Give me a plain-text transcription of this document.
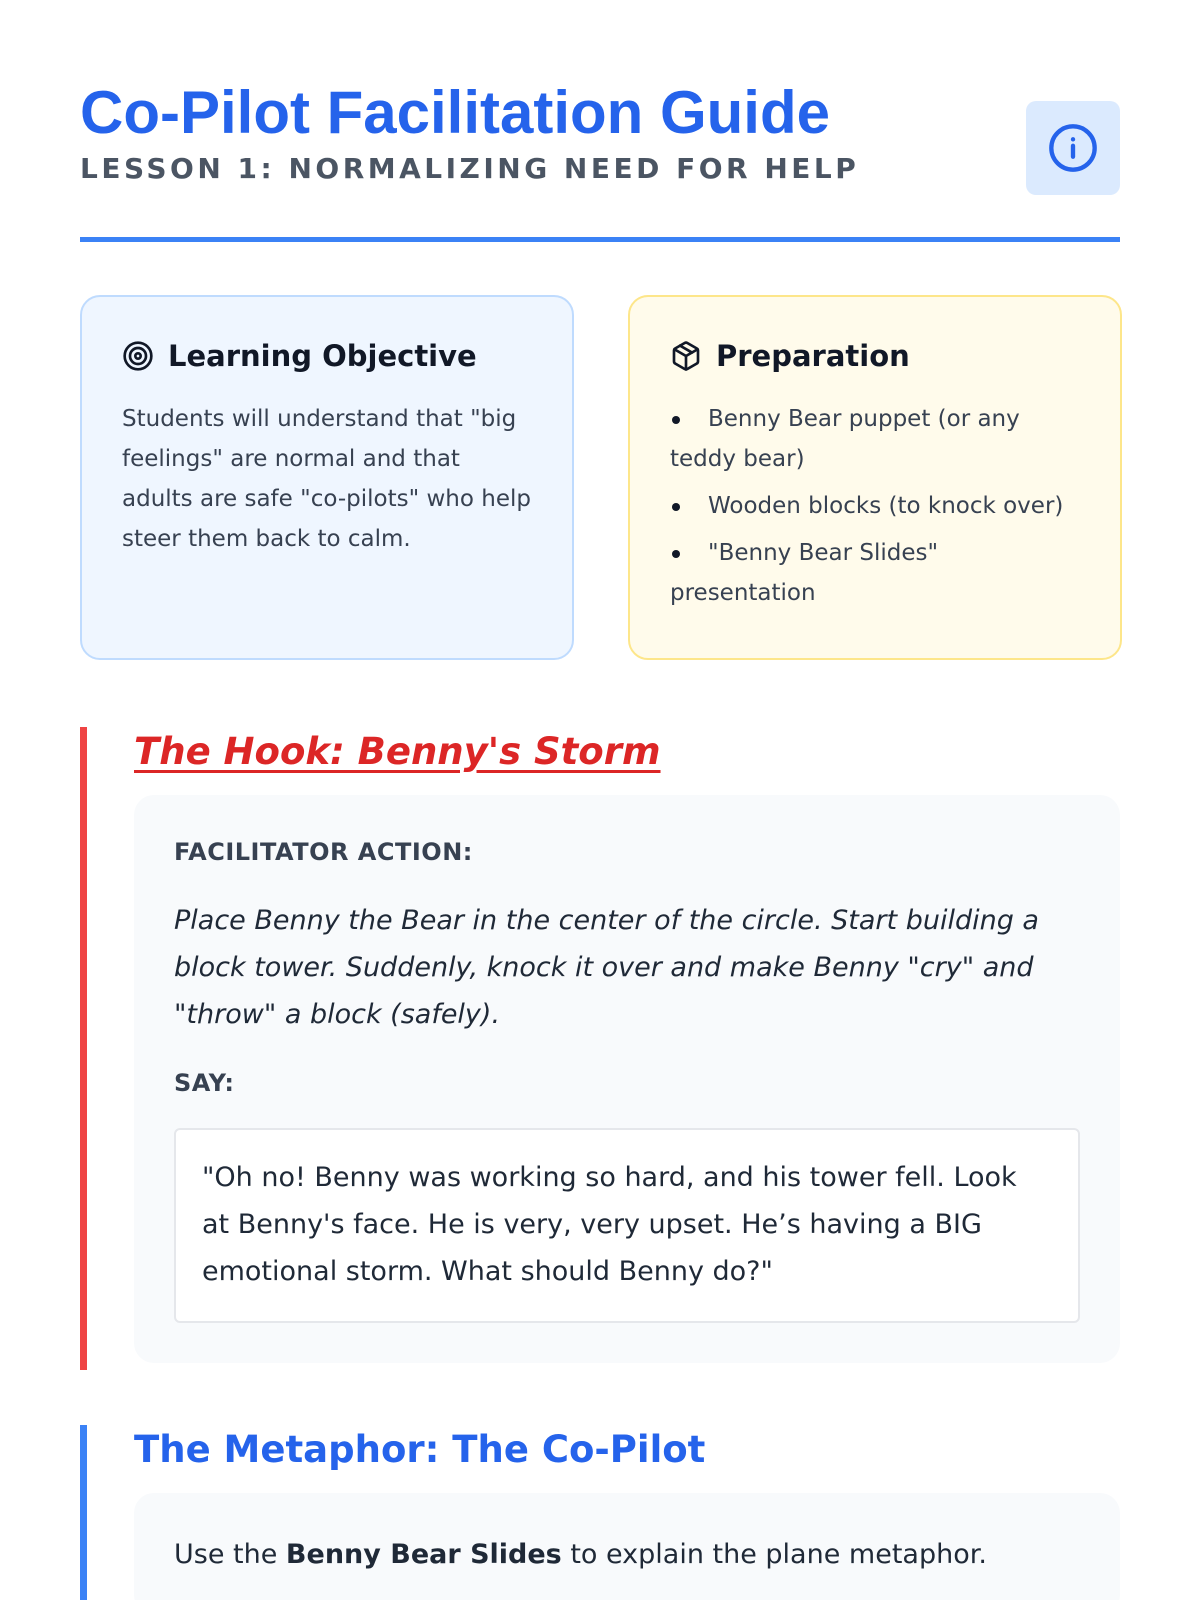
Co-Pilot Facilitation Guide
LESSON 1: NORMALIZING NEED FOR HELP
Learning Objective

Students will understand that "big feelings" are normal and that adults are safe "co-pilots" who help steer them back to calm.

Preparation
Benny Bear puppet (or any teddy bear)
Wooden blocks (to knock over)
"Benny Bear Slides" presentation
The Hook: Benny's Storm
FACILITATOR ACTION:

Place Benny the Bear in the center of the circle. Start building a block tower. Suddenly, knock it over and make Benny "cry" and "throw" a block (safely).

SAY:
"Oh no! Benny was working so hard, and his tower fell. Look at Benny's face. He is very, very upset. He’s having a BIG emotional storm. What should Benny do?"
The Metaphor: The Co-Pilot

Use the Benny Bear Slides to explain the plane metaphor.
